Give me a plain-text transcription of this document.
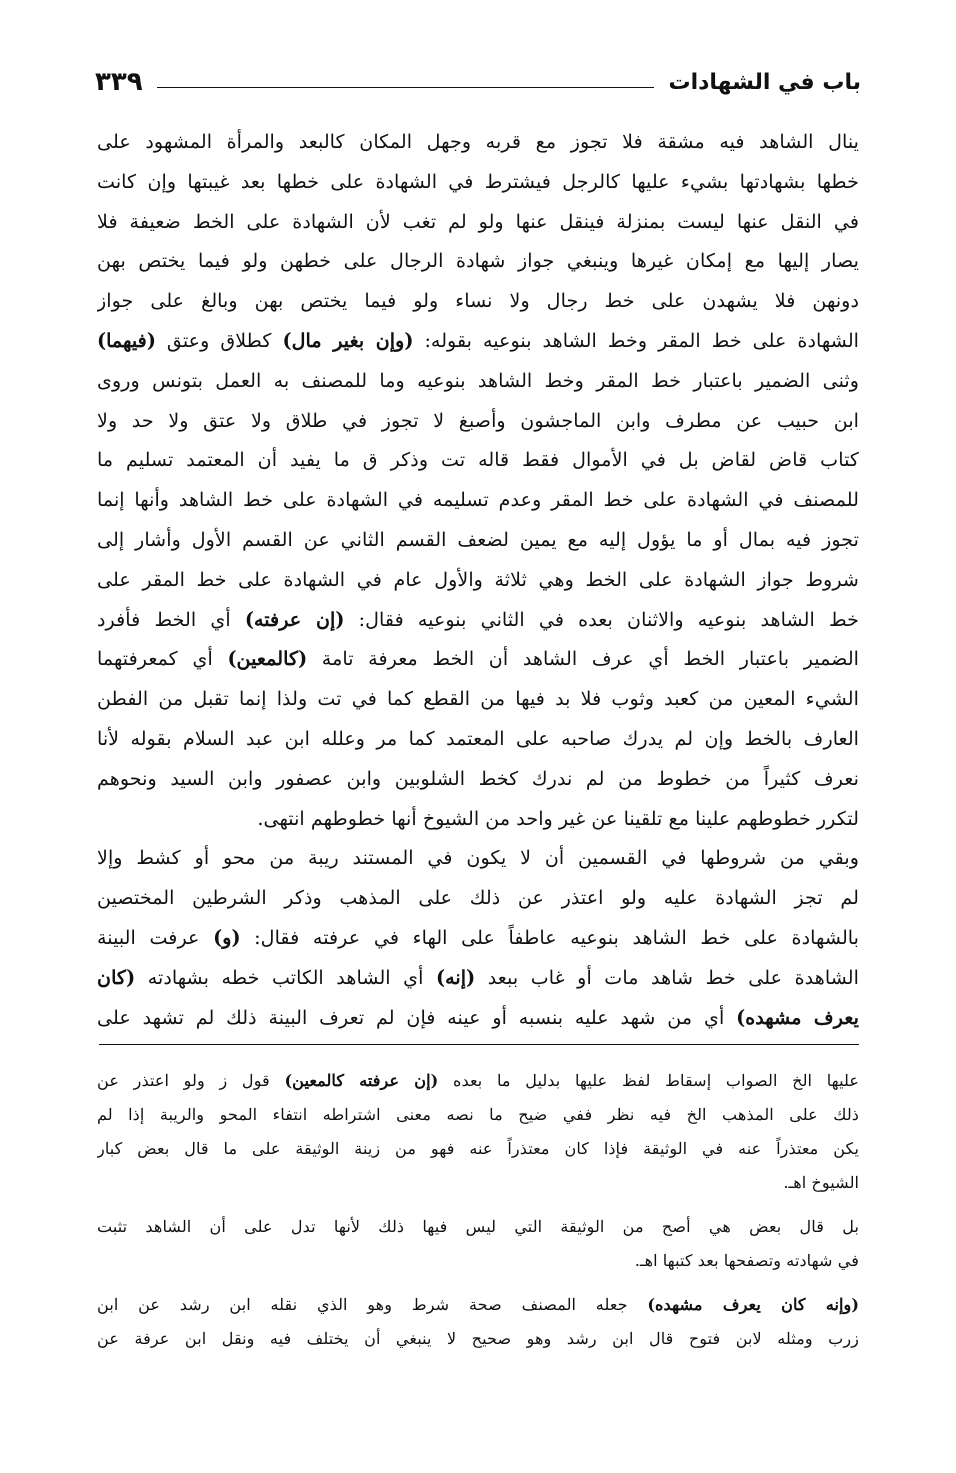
باب في الشهادات
٣٣٩
ينال الشاهد فيه مشقة فلا تجوز مع قربه وجهل المكان كالبعد والمرأة المشهود على
خطها بشهادتها بشيء عليها كالرجل فيشترط في الشهادة على خطها بعد غيبتها وإن كانت
في النقل عنها ليست بمنزلة فينقل عنها ولو لم تغب لأن الشهادة على الخط ضعيفة فلا
يصار إليها مع إمكان غيرها وينبغي جواز شهادة الرجال على خطهن ولو فيما يختص بهن
دونهن فلا يشهدن على خط رجال ولا نساء ولو فيما يختص بهن وبالغ على جواز
الشهادة على خط المقر وخط الشاهد بنوعيه بقوله: (وإن بغير مال) كطلاق وعتق (فيهما)
وثنى الضمير باعتبار خط المقر وخط الشاهد بنوعيه وما للمصنف به العمل بتونس وروى
ابن حبيب عن مطرف وابن الماجشون وأصبغ لا تجوز في طلاق ولا عتق ولا حد ولا
كتاب قاض لقاض بل في الأموال فقط قاله تت وذكر ق ما يفيد أن المعتمد تسليم ما
للمصنف في الشهادة على خط المقر وعدم تسليمه في الشهادة على خط الشاهد وأنها إنما
تجوز فيه بمال أو ما يؤول إليه مع يمين لضعف القسم الثاني عن القسم الأول وأشار إلى
شروط جواز الشهادة على الخط وهي ثلاثة والأول عام في الشهادة على خط المقر على
خط الشاهد بنوعيه والاثنان بعده في الثاني بنوعيه فقال: (إن عرفته) أي الخط فأفرد
الضمير باعتبار الخط أي عرف الشاهد أن الخط معرفة تامة (كالمعين) أي كمعرفتهما
الشيء المعين من كعبد وثوب فلا بد فيها من القطع كما في تت ولذا إنما تقبل من الفطن
العارف بالخط وإن لم يدرك صاحبه على المعتمد كما مر وعلله ابن عبد السلام بقوله لأنا
نعرف كثيراً من خطوط من لم ندرك كخط الشلوبين وابن عصفور وابن السيد ونحوهم
لتكرر خطوطهم علينا مع تلقينا عن غير واحد من الشيوخ أنها خطوطهم انتهى.
وبقي من شروطها في القسمين أن لا يكون في المستند ريبة من محو أو كشط وإلا
لم تجز الشهادة عليه ولو اعتذر عن ذلك على المذهب وذكر الشرطين المختصين
بالشهادة على خط الشاهد بنوعيه عاطفاً على الهاء في عرفته فقال: (و) عرفت البينة
الشاهدة على خط شاهد مات أو غاب ببعد (إنه) أي الشاهد الكاتب خطه بشهادته (كان
يعرف مشهده) أي من شهد عليه بنسبه أو عينه فإن لم تعرف البينة ذلك لم تشهد على
عليها الخ الصواب إسقاط لفظ عليها بدليل ما بعده (إن عرفته كالمعين) قول ز ولو اعتذر عن
ذلك على المذهب الخ فيه نظر ففي ضيح ما نصه معنى اشتراطه انتفاء المحو والريبة إذا لم
يكن معتذراً عنه في الوثيقة فإذا كان معتذراً عنه فهو من زينة الوثيقة على ما قال بعض كبار
الشيوخ اهـ.
بل قال بعض هي أصح من الوثيقة التي ليس فيها ذلك لأنها تدل على أن الشاهد تثبت
في شهادته وتصفحها بعد كتبها اهـ.
(وإنه كان يعرف مشهده) جعله المصنف صحة شرط وهو الذي نقله ابن رشد عن ابن
زرب ومثله لابن فتوح قال ابن رشد وهو صحيح لا ينبغي أن يختلف فيه ونقل ابن عرفة عن
